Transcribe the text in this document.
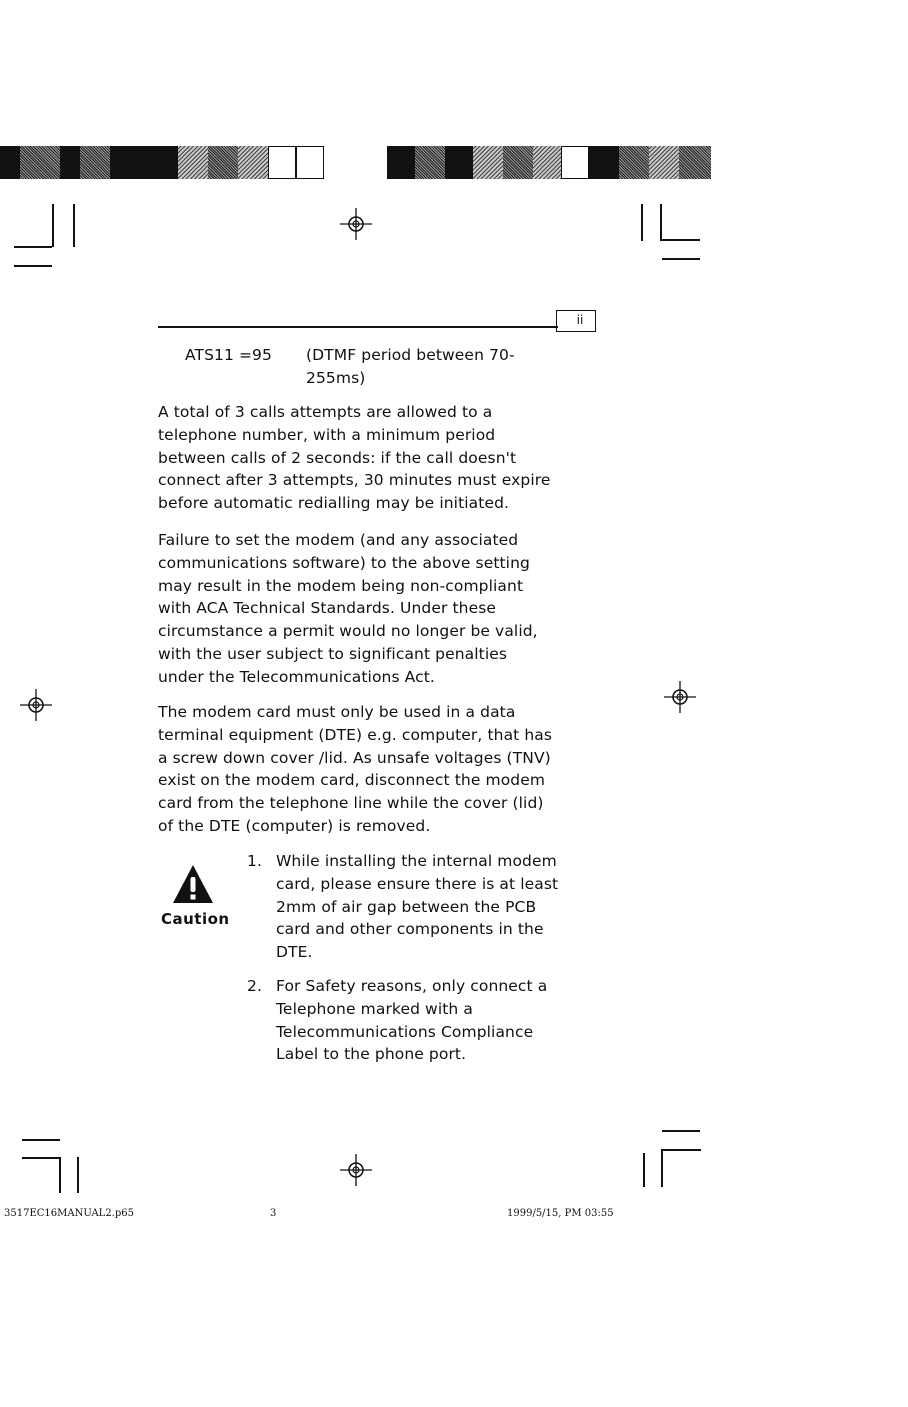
ii
ATS11 =95 (DTMF period between 70-
255ms)
A total of 3 calls attempts are allowed to a
telephone number, with a minimum period
between calls of 2 seconds: if the call doesn't
connect after 3 attempts, 30 minutes must expire
before automatic redialling may be initiated.
Failure to set the modem (and any associated
communications software) to the above setting
may result in the modem being non-compliant
with ACA Technical Standards. Under these
circumstance a permit would no longer be valid,
with the user subject to significant penalties
under the Telecommunications Act.
The modem card must only be used in a data
terminal equipment (DTE) e.g. computer, that has
a screw down cover /lid. As unsafe voltages (TNV)
exist on the modem card, disconnect the modem
card from the telephone line while the cover (lid)
of the DTE (computer) is removed.
Caution
1. While installing the internal modem
card, please ensure there is at least
2mm of air gap between the PCB
card and other components in the
DTE.
2. For Safety reasons, only connect a
Telephone marked with a
Telecommunications Compliance
Label to the phone port.
3517EC16MANUAL2.p65	3	1999/5/15, PM 03:55
